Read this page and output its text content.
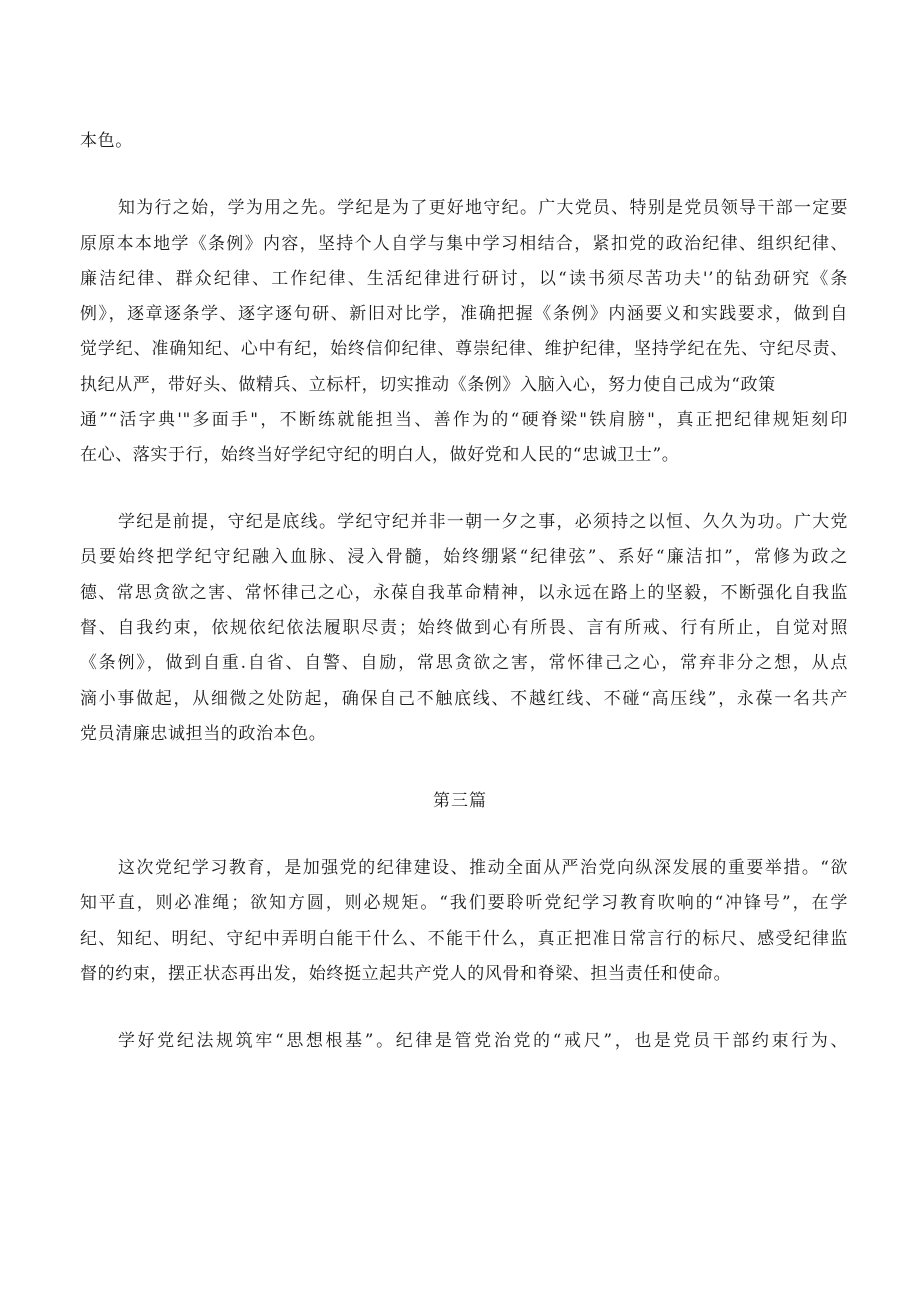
本色。
知为行之始，学为用之先。学纪是为了更好地守纪。广大党员、特别是党员领导干部一定要
原原本本地学《条例》内容，坚持个人自学与集中学习相结合，紧扣党的政治纪律、组织纪律、
廉洁纪律、群众纪律、工作纪律、生活纪律进行研讨，以“读书须尽苦功夫'’的钻劲研究《条
例》，逐章逐条学、逐字逐句研、新旧对比学，准确把握《条例》内涵要义和实践要求，做到自
觉学纪、准确知纪、心中有纪，始终信仰纪律、尊崇纪律、维护纪律，坚持学纪在先、守纪尽责、
执纪从严，带好头、做精兵、立标杆，切实推动《条例》入脑入心，努力使自己成为“政策
通”“活字典'"多面手"，不断练就能担当、善作为的“硬脊梁"铁肩膀"，真正把纪律规矩刻印
在心、落实于行，始终当好学纪守纪的明白人，做好党和人民的“忠诚卫士”。
学纪是前提，守纪是底线。学纪守纪并非一朝一夕之事，必须持之以恒、久久为功。广大党
员要始终把学纪守纪融入血脉、浸入骨髓，始终绷紧“纪律弦”、系好“廉洁扣”，常修为政之
德、常思贪欲之害、常怀律己之心，永葆自我革命精神，以永远在路上的坚毅，不断强化自我监
督、自我约束，依规依纪依法履职尽责；始终做到心有所畏、言有所戒、行有所止，自觉对照
《条例》，做到自重.自省、自警、自励，常思贪欲之害，常怀律己之心，常弃非分之想，从点
滴小事做起，从细微之处防起，确保自己不触底线、不越红线、不碰“高压线”，永葆一名共产
党员清廉忠诚担当的政治本色。
第三篇
这次党纪学习教育，是加强党的纪律建设、推动全面从严治党向纵深发展的重要举措。“欲
知平直，则必准绳；欲知方圆，则必规矩。“我们要聆听党纪学习教育吹响的“冲锋号”，在学
纪、知纪、明纪、守纪中弄明白能干什么、不能干什么，真正把准日常言行的标尺、感受纪律监
督的约束，摆正状态再出发，始终挺立起共产党人的风骨和脊梁、担当责任和使命。
学好党纪法规筑牢“思想根基”。纪律是管党治党的“戒尺”，也是党员干部约束行为、
